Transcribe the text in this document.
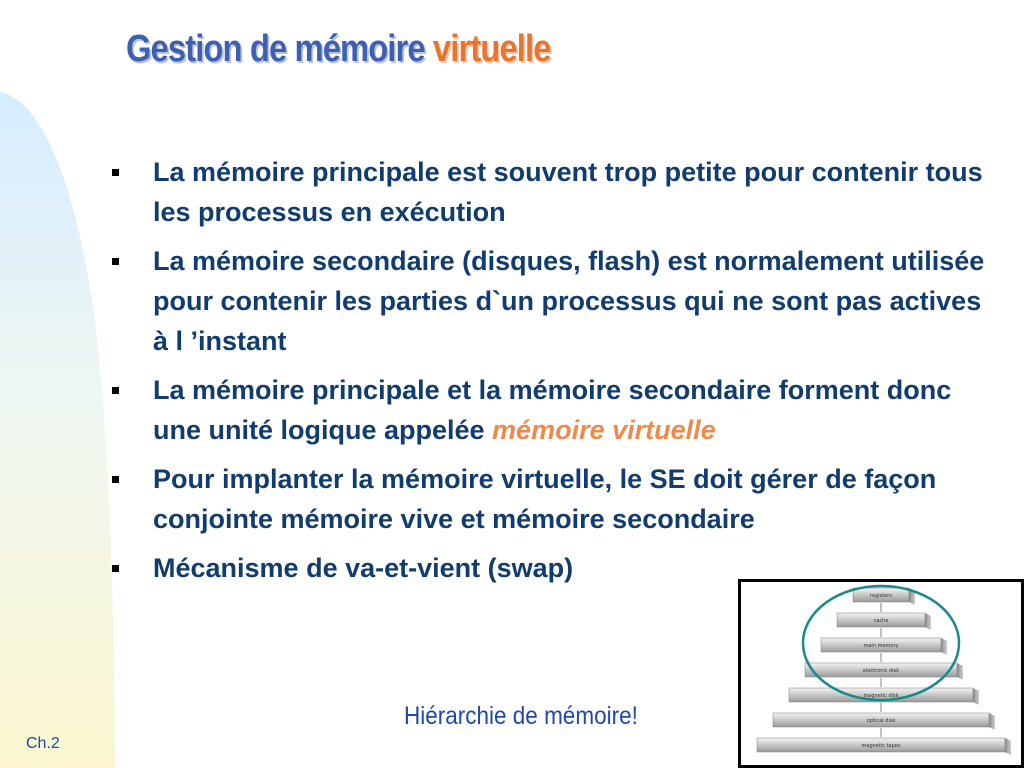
Gestion de mémoire virtuelle
La mémoire principale est souvent trop petite pour contenir tous les processus en exécution
La mémoire secondaire (disques, flash) est normalement utilisée pour contenir les parties d`un processus qui ne sont pas actives à l ’instant
La mémoire principale et la mémoire secondaire forment donc une unité logique appelée mémoire virtuelle
Pour implanter la mémoire virtuelle, le SE doit gérer de façon conjointe mémoire vive et mémoire secondaire
Mécanisme de va-et-vient (swap)
Hiérarchie de mémoire!
Ch.2
registers
cache
main memory
electronic disk
magnetic disk
optical disk
magnetic tapes
